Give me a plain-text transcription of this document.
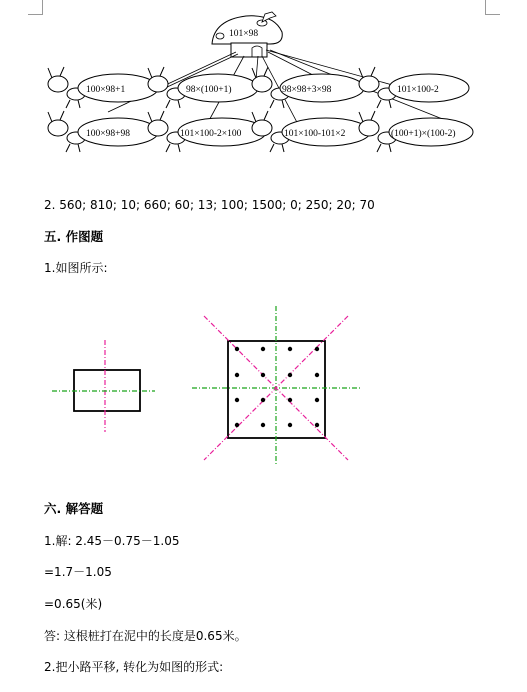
101×98
100×98+1	98×(100+1)	98×98+3×98	101×100-2
100×98+98	101×100-2×100	101×100-101×2	(100+1)×(100-2)
2. 560; 810; 10; 660; 60; 13; 100; 1500; 0; 250; 20; 70
五. 作图题
1.如图所示:
六. 解答题
1.解: 2.45－0.75－1.05
=1.7－1.05
=0.65(米)
答: 这根桩打在泥中的长度是0.65米。
2.把小路平移, 转化为如图的形式:
